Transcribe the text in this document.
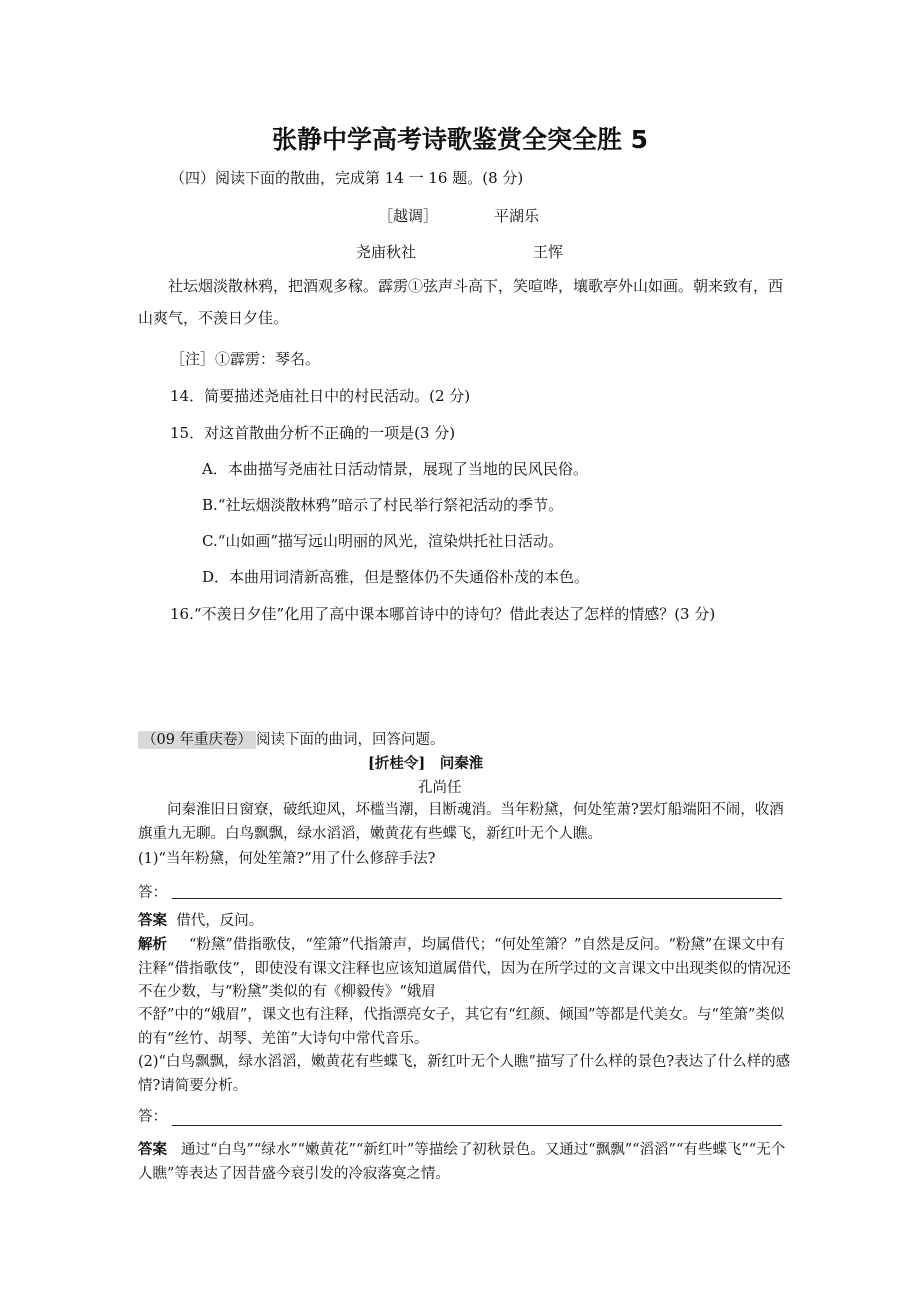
张静中学高考诗歌鉴赏全突全胜 5
（四）阅读下面的散曲，完成第 14 一 16 题。(8 分)
［越调］	平湖乐
尧庙秋社	王恽
社坛烟淡散林鸦，把酒观多稼。霹雳①弦声斗高下，笑喧哗，壤歌亭外山如画。朝来致有，西山爽气，不羡日夕佳。
［注］①霹雳：琴名。
14．简要描述尧庙社日中的村民活动。(2 分)
15．对这首散曲分析不正确的一项是(3 分)
A．本曲描写尧庙社日活动情景，展现了当地的民风民俗。
B.“社坛烟淡散林鸦”暗示了村民举行祭祀活动的季节。
C.“山如画”描写远山明丽的风光，渲染烘托社日活动。
D．本曲用词清新高雅，但是整体仍不失通俗朴茂的本色。
16.“不羡日夕佳”化用了高中课本哪首诗中的诗句？借此表达了怎样的情感？(3 分)
（09 年重庆卷） 阅读下面的曲词，回答问题。
[折桂令]　问秦淮
孔尚任
问秦淮旧日窗寮，破纸迎风，坏槛当潮，目断魂消。当年粉黛，何处笙萧?罢灯船端阳不闹，收酒旗重九无聊。白鸟飘飘，绿水滔滔，嫩黄花有些蝶飞，新红叶无个人瞧。
(1)“当年粉黛，何处笙箫?”用了什么修辞手法?
答：
答案 借代，反问。
解析 “粉黛”借指歌伎，“笙箫”代指箫声，均属借代；“何处笙箫？”自然是反问。“粉黛”在课文中有注释“借指歌伎”，即使没有课文注释也应该知道属借代，因为在所学过的文言课文中出现类似的情况还不在少数，与“粉黛”类似的有《柳毅传》“娥眉
不舒”中的“娥眉”，课文也有注释，代指漂亮女子，其它有“红颜、倾国”等都是代美女。与“笙箫”类似的有“丝竹、胡琴、羌笛”大诗句中常代音乐。
(2)“白鸟飘飘，绿水滔滔，嫩黄花有些蝶飞，新红叶无个人瞧”描写了什么样的景色?表达了什么样的感情?请简要分析。
答：
答案 通过“白鸟”“绿水”“嫩黄花”“新红叶”等描绘了初秋景色。又通过“飘飘”“滔滔”“有些蝶飞”“无个人瞧”等表达了因昔盛今衰引发的冷寂落寞之情。
